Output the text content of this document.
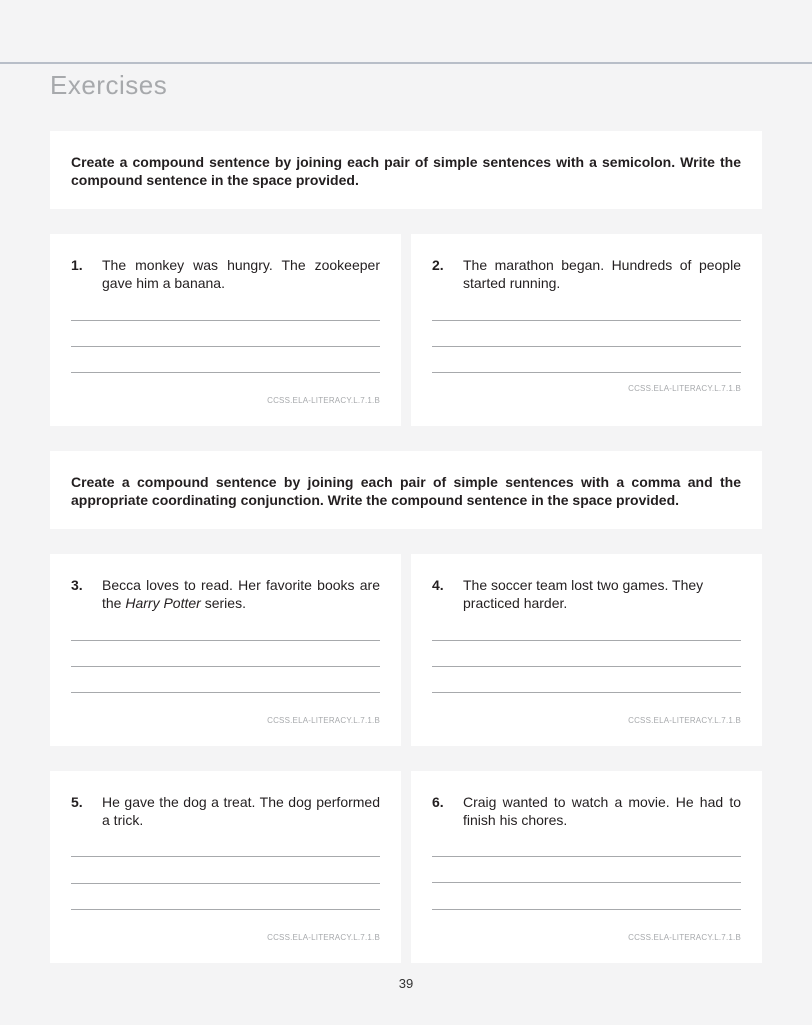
Exercises
Create a compound sentence by joining each pair of simple sentences with a semicolon. Write the compound sentence in the space provided.
1. The monkey was hungry. The zookeeper gave him a banana.
CCSS.ELA-LITERACY.L.7.1.B
2. The marathon began. Hundreds of people started running.
CCSS.ELA-LITERACY.L.7.1.B
Create a compound sentence by joining each pair of simple sentences with a comma and the appropriate coordinating conjunction. Write the compound sentence in the space provided.
3. Becca loves to read. Her favorite books are the Harry Potter series.
CCSS.ELA-LITERACY.L.7.1.B
4. The soccer team lost two games. They practiced harder.
CCSS.ELA-LITERACY.L.7.1.B
5. He gave the dog a treat. The dog performed a trick.
CCSS.ELA-LITERACY.L.7.1.B
6. Craig wanted to watch a movie. He had to finish his chores.
CCSS.ELA-LITERACY.L.7.1.B
39
